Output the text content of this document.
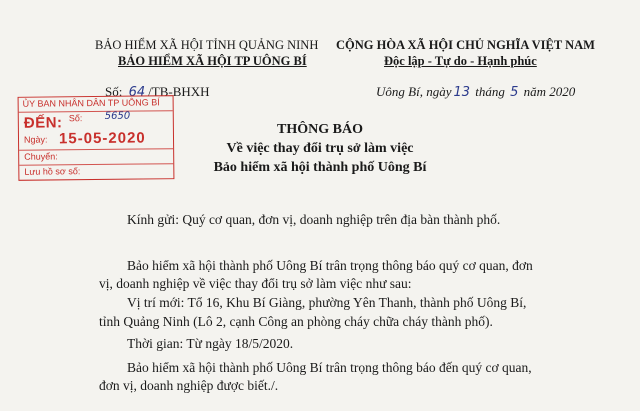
BẢO HIỂM XÃ HỘI TỈNH QUẢNG NINH
BẢO HIỂM XÃ HỘI TP UÔNG BÍ
CỘNG HÒA XÃ HỘI CHỦ NGHĨA VIỆT NAM
Độc lập - Tự do - Hạnh phúc
Số: 64 /TB-BHXH	Uông Bí, ngày 13 tháng 5 năm 2020
ỦY BAN NHÂN DÂN TP UÔNG BÍ
ĐẾN: Số: 5650
Ngày: 15-05-2020
Chuyển:
Lưu hồ sơ số:
THÔNG BÁO
Về việc thay đổi trụ sở làm việc
Bảo hiểm xã hội thành phố Uông Bí
Kính gửi: Quý cơ quan, đơn vị, doanh nghiệp trên địa bàn thành phố.
Bảo hiểm xã hội thành phố Uông Bí trân trọng thông báo quý cơ quan, đơn
vị, doanh nghiệp về việc thay đổi trụ sở làm việc như sau:
Vị trí mới: Tổ 16, Khu Bí Giàng, phường Yên Thanh, thành phố Uông Bí,
tỉnh Quảng Ninh (Lô 2, cạnh Công an phòng cháy chữa cháy thành phố).
Thời gian: Từ ngày 18/5/2020.
Bảo hiểm xã hội thành phố Uông Bí trân trọng thông báo đến quý cơ quan,
đơn vị, doanh nghiệp được biết./.
